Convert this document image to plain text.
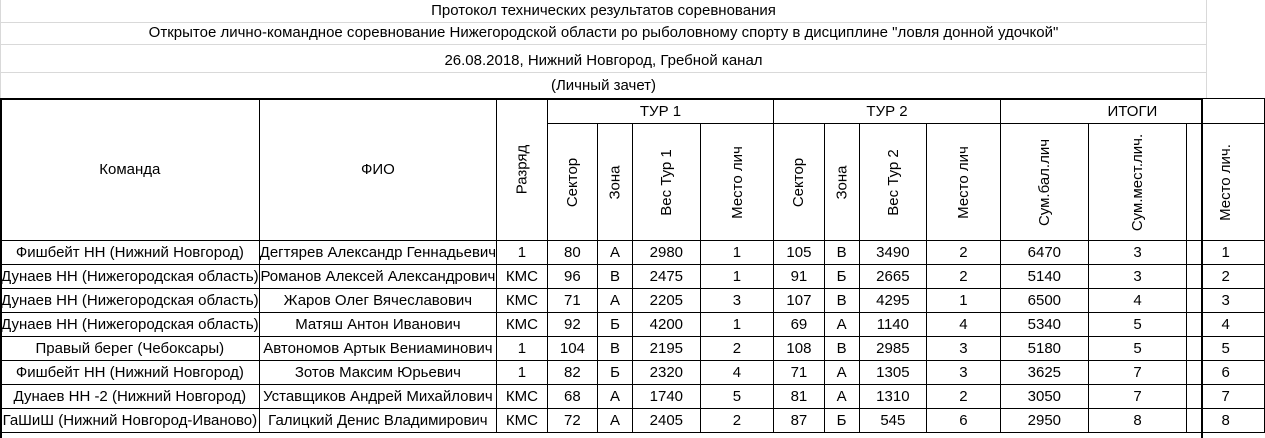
Протокол технических результатов соревнования
Открытое лично-командное соревнование Нижегородской области ро рыболовному спорту в дисциплине "ловля донной удочкой"
26.08.2018, Нижний Новгород, Гребной канал
(Личный зачет)
Команда	ФИО	Разряд	ТУР 1				ТУР 2				ИТОГИ		
			Сектор	Зона	Вес Тур 1	Место лич	Сектор	Зона	Вес Тур 2	Место лич	Сум.бал.лич	Сум.мест.лич.	Место лич.
Фишбейт НН (Нижний Новгород)	Дегтярев Александр Геннадьевич	1	80	А	2980	1	105	В	3490	2	6470	3	1
Дунаев НН (Нижегородская область)	Романов Алексей Александрович	КМС	96	В	2475	1	91	Б	2665	2	5140	3	2
Дунаев НН (Нижегородская область)	Жаров Олег Вячеславович	КМС	71	А	2205	3	107	В	4295	1	6500	4	3
Дунаев НН (Нижегородская область)	Матяш Антон Иванович	КМС	92	Б	4200	1	69	А	1140	4	5340	5	4
Правый берег (Чебоксары)	Автономов Артык Вениаминович	1	104	В	2195	2	108	В	2985	3	5180	5	5
Фишбейт НН (Нижний Новгород)	Зотов Максим Юрьевич	1	82	Б	2320	4	71	А	1305	3	3625	7	6
Дунаев НН -2 (Нижний Новгород)	Уставщиков Андрей Михайлович	КМС	68	А	1740	5	81	А	1310	2	3050	7	7
ГаШиШ (Нижний Новгород-Иваново)	Галицкий Денис Владимирович	КМС	72	А	2405	2	87	Б	545	6	2950	8	8
